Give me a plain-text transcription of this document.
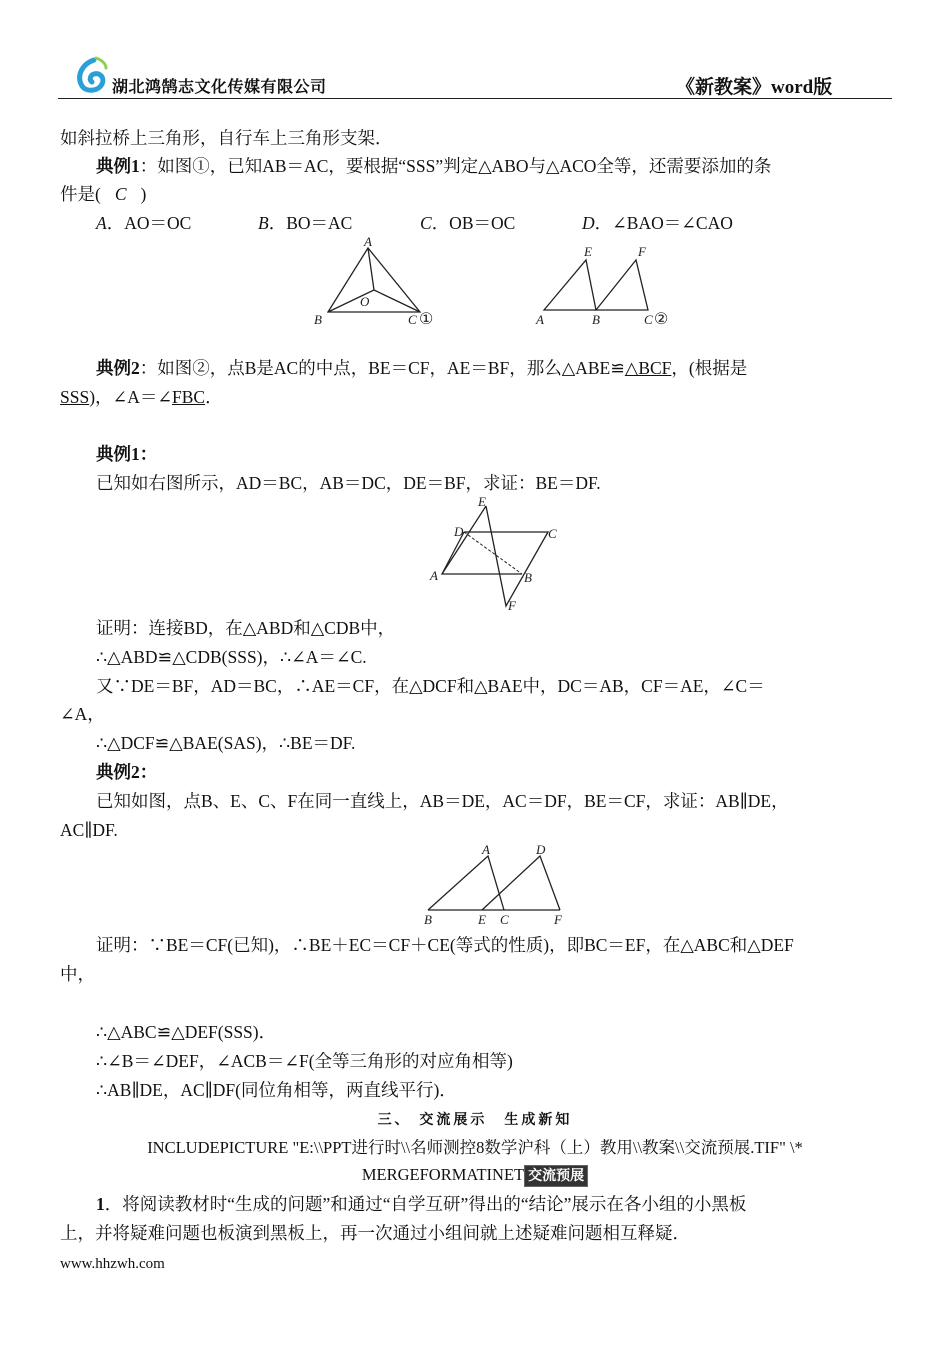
湖北鸿鹄志文化传媒有限公司	《新教案》word版
如斜拉桥上三角形，自行车上三角形支架．
典例1：如图①，已知AB＝AC，要根据“SSS”判定△ABO与△ACO全等，还需要添加的条
件是( C )
A．AO＝OC	B．BO＝AC	C．OB＝OC	D．∠BAO＝∠CAO
A
O
B	C ①
E	F
A	B	C ②
典例2：如图②，点B是AC的中点，BE＝CF，AE＝BF，那么△ABE≌△BCF，(根据是
SSS)，∠A＝∠FBC．
典例1：
已知如右图所示，AD＝BC，AB＝DC，DE＝BF，求证：BE＝DF.
E
D	C
A	B
F
证明：连接BD，在△ABD和△CDB中，
∴△ABD≌△CDB(SSS)，∴∠A＝∠C.
又∵DE＝BF，AD＝BC，∴AE＝CF，在△DCF和△BAE中，DC＝AB，CF＝AE，∠C＝
∠A，
∴△DCF≌△BAE(SAS)，∴BE＝DF.
典例2：
已知如图，点B、E、C、F在同一直线上，AB＝DE，AC＝DF，BE＝CF，求证：AB∥DE，
AC∥DF.
A	D
B	E C	F
证明：∵BE＝CF(已知)，∴BE＋EC＝CF＋CE(等式的性质)，即BC＝EF，在△ABC和△DEF
中，
∴△ABC≌△DEF(SSS)．
∴∠B＝∠DEF，∠ACB＝∠F(全等三角形的对应角相等)
∴AB∥DE，AC∥DF(同位角相等，两直线平行)．
三、 交流展示　生成新知
INCLUDEPICTURE "E:\\PPT进行时\\名师测控8数学沪科（上）教用\\教案\\交流预展.TIF" \*
MERGEFORMATINET 交流预展
1．将阅读教材时“生成的问题”和通过“自学互研”得出的“结论”展示在各小组的小黑板
上，并将疑难问题也板演到黑板上，再一次通过小组间就上述疑难问题相互释疑．
www.hhzwh.com
